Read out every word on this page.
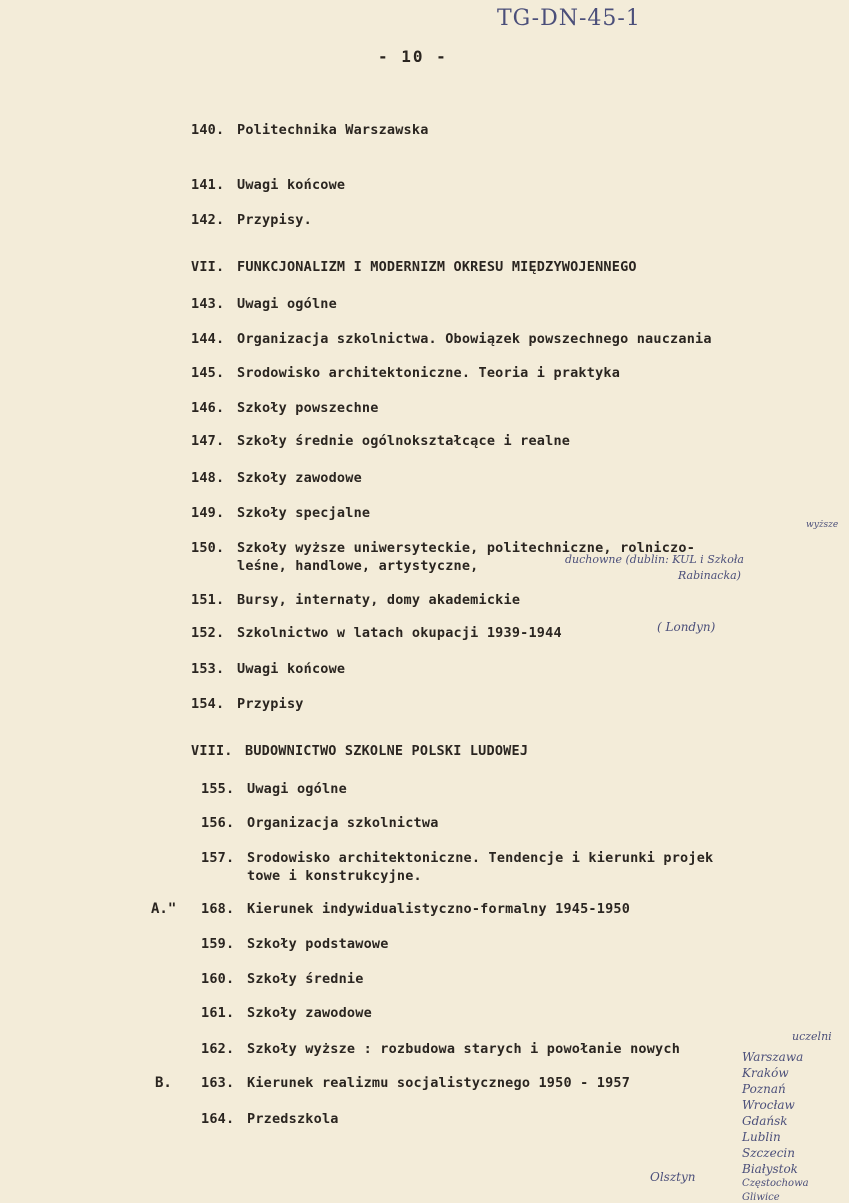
TG-DN-45-1
- 10 -
140. Politechnika Warszawska
141. Uwagi końcowe
142. Przypisy.
VII. FUNKCJONALIZM I MODERNIZM OKRESU MIĘDZYWOJENNEGO
143. Uwagi ogólne
144. Organizacja szkolnictwa. Obowiązek powszechnego nauczania
145. Srodowisko architektoniczne. Teoria i praktyka
146. Szkoły powszechne
147. Szkoły średnie ogólnokształcące i realne
148. Szkoły zawodowe
149. Szkoły specjalne
150. Szkoły wyższe uniwersyteckie, politechniczne, rolniczo-
leśne, handlowe, artystyczne,
151. Bursy, internaty, domy akademickie
152. Szkolnictwo w latach okupacji 1939-1944
153. Uwagi końcowe
154. Przypisy
VIII. BUDOWNICTWO SZKOLNE POLSKI LUDOWEJ
155. Uwagi ogólne
156. Organizacja szkolnictwa
157. Srodowisko architektoniczne. Tendencje i kierunki projek
towe i konstrukcyjne.
168. Kierunek indywidualistyczno-formalny 1945-1950
159. Szkoły podstawowe
160. Szkoły średnie
161. Szkoły zawodowe
162. Szkoły wyższe : rozbudowa starych i powołanie nowych
163. Kierunek realizmu socjalistycznego 1950 - 1957
164. Przedszkola
A."
B.
wyższe
duchowne (dublin: KUL i Szkoła
Rabinacka)
( Londyn)
uczelni
Warszawa
Kraków
Poznań
Wrocław
Gdańsk
Lublin
Szczecin
Białystok
Częstochowa
Gliwice
Olsztyn
